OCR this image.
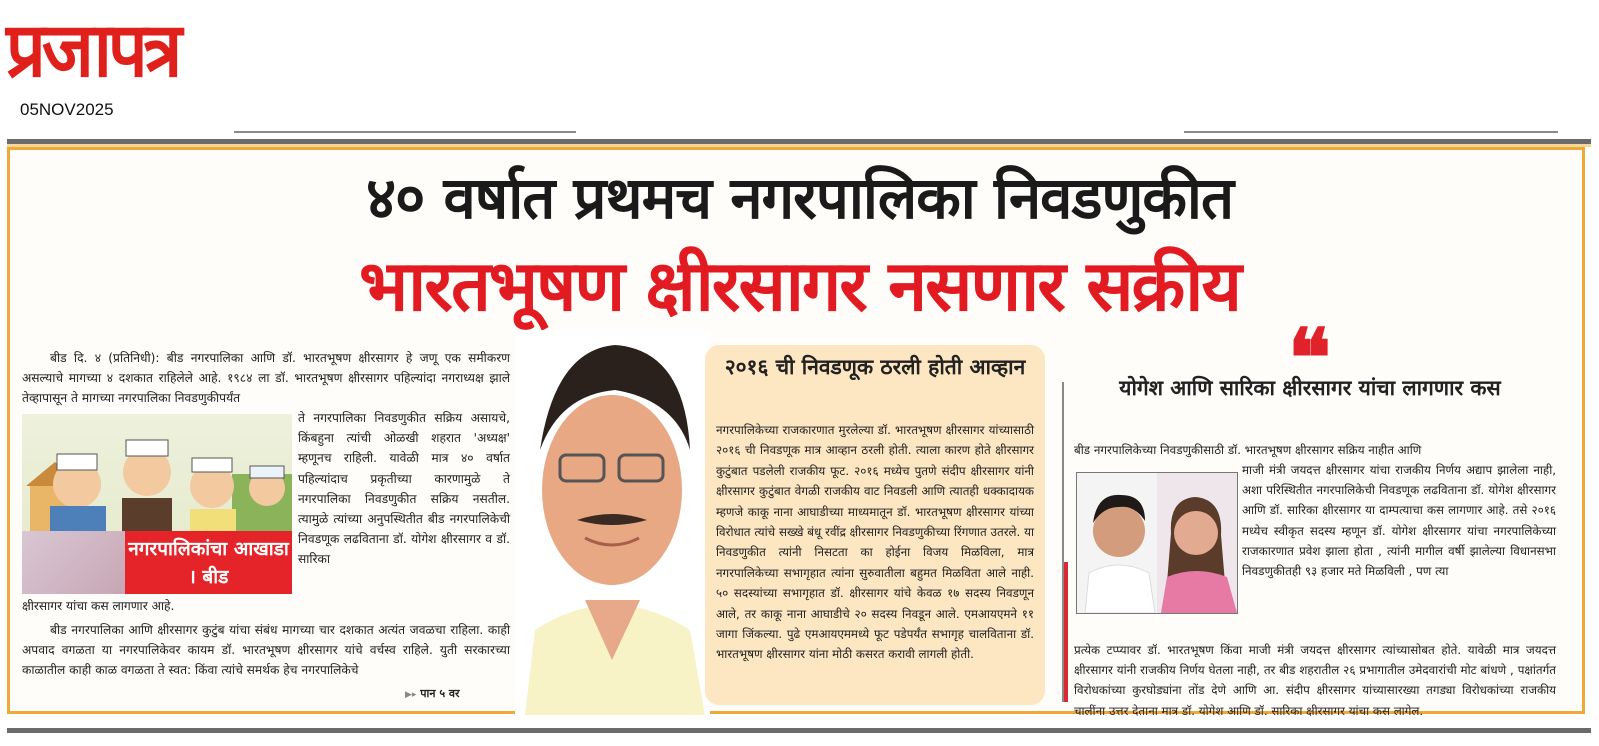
प्रजापत्र
05NOV2025
४० वर्षात प्रथमच नगरपालिका निवडणुकीत
भारतभूषण क्षीरसागर नसणार सक्रीय
बीड दि. ४ (प्रतिनिधी): बीड नगरपालिका आणि डॉ. भारतभूषण क्षीरसागर हे जणू एक समीकरण असल्याचे मागच्या ४ दशकात राहिलेले आहे. १९८४ ला डॉ. भारतभूषण क्षीरसागर पहिल्यांदा नगराध्यक्ष झाले तेव्हापासून ते मागच्या नगरपालिका निवडणुकीपर्यंत
नगरपालिकांचा आखाडा । बीड
ते नगरपालिका निवडणुकीत सक्रिय असायचे, किंबहुना त्यांची ओळखी शहरात 'अध्यक्ष' म्हणूनच राहिली. यावेळी मात्र ४० वर्षात पहिल्यांदाच प्रकृतीच्या कारणामुळे ते नगरपालिका निवडणुकीत सक्रिय नसतील. त्यामुळे त्यांच्या अनुपस्थितीत बीड नगरपालिकेची निवडणूक लढविताना डॉ. योगेश क्षीरसागर व डॉ. सारिका
क्षीरसागर यांचा कस लागणार आहे.
बीड नगरपालिका आणि क्षीरसागर कुटुंब यांचा संबंध मागच्या चार दशकात अत्यंत जवळचा राहिला. काही अपवाद वगळता या नगरपालिकेवर कायम डॉ. भारतभूषण क्षीरसागर यांचे वर्चस्व राहिले. युती सरकारच्या काळातील काही काळ वगळता ते स्वत: किंवा त्यांचे समर्थक हेच नगरपालिकेचे
▶▸ पान ५ वर
२०१६ ची निवडणूक ठरली होती आव्हान
नगरपालिकेच्या राजकारणात मुरलेल्या डॉ. भारतभूषण क्षीरसागर यांच्यासाठी २०१६ ची निवडणूक मात्र आव्हान ठरली होती. त्याला कारण होते क्षीरसागर कुटुंबात पडलेली राजकीय फूट. २०१६ मध्येच पुतणे संदीप क्षीरसागर यांनी क्षीरसागर कुटुंबात वेगळी राजकीय वाट निवडली आणि त्यातही धक्कादायक म्हणजे काकू नाना आघाडीच्या माध्यमातून डॉ. भारतभूषण क्षीरसागर यांच्या विरोधात त्यांचे सख्खे बंधू रवींद्र क्षीरसागर निवडणुकीच्या रिंगणात उतरले. या निवडणुकीत त्यांनी निसटता का होईना विजय मिळविला, मात्र नगरपालिकेच्या सभागृहात त्यांना सुरुवातीला बहुमत मिळविता आले नाही. ५० सदस्यांच्या सभागृहात डॉ. क्षीरसागर यांचे केवळ १७ सदस्य निवडणून आले, तर काकू नाना आघाडीचे २० सदस्य निवडून आले. एमआयएमने ११ जागा जिंकल्या. पुढे एमआयएममध्ये फूट पडेपर्यंत सभागृह चालविताना डॉ. भारतभूषण क्षीरसागर यांना मोठी कसरत करावी लागली होती.
❝
योगेश आणि सारिका क्षीरसागर यांचा लागणार कस
बीड नगरपालिकेच्या निवडणुकीसाठी डॉ. भारतभूषण क्षीरसागर सक्रिय नाहीत आणि
माजी मंत्री जयदत्त क्षीरसागर यांचा राजकीय निर्णय अद्याप झालेला नाही, अशा परिस्थितीत नगरपालिकेची निवडणूक लढविताना डॉ. योगेश क्षीरसागर आणि डॉ. सारिका क्षीरसागर या दाम्पत्याचा कस लागणार आहे. तसे २०१६ मध्येच स्वीकृत सदस्य म्हणून डॉ. योगेश क्षीरसागर यांचा नगरपालिकेच्या राजकारणात प्रवेश झाला होता , त्यांनी मागील वर्षी झालेल्या विधानसभा निवडणुकीतही ९३ हजार मते मिळविली , पण त्या
प्रत्येक टप्प्यावर डॉ. भारतभूषण किंवा माजी मंत्री जयदत्त क्षीरसागर त्यांच्यासोबत होते. यावेळी मात्र जयदत्त क्षीरसागर यांनी राजकीय निर्णय घेतला नाही, तर बीड शहरातील २६ प्रभागातील उमेदवारांची मोट बांधणे , पक्षांतर्गत विरोधकांच्या कुरघोड्यांना तोंड देणे आणि आ. संदीप क्षीरसागर यांच्यासारख्या तगड्या विरोधकांच्या राजकीय चालींना उत्तर देताना मात्र डॉ. योगेश आणि डॉ. सारिका क्षीरसागर यांचा कस लागेल.
